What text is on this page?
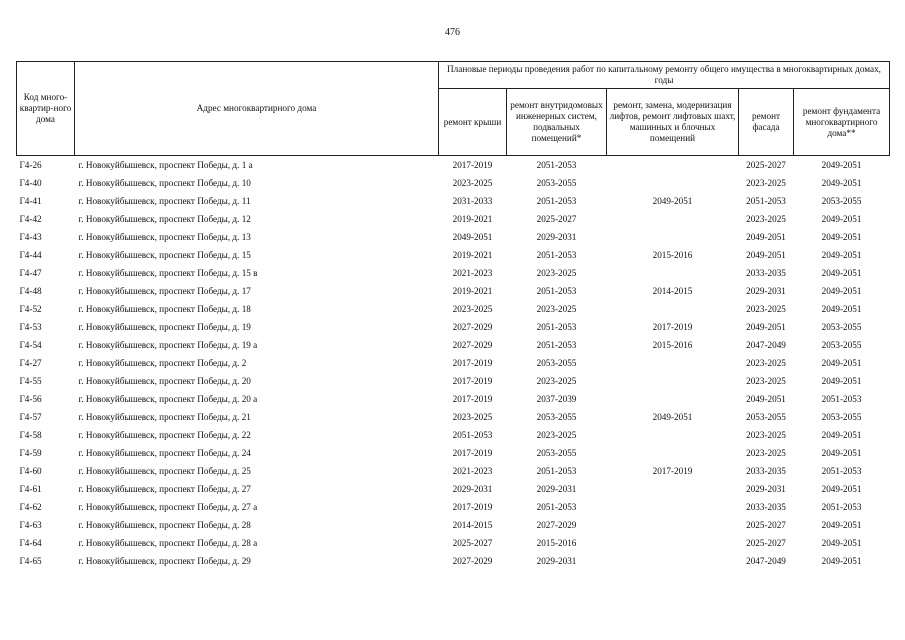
476
Код много-квартир-ного дома	Адрес многоквартирного дома	Плановые периоды проведения работ по капитальному ремонту общего имущества в многоквартирных домах, годы				
		ремонт крыши	ремонт внутридомовых инженерных систем, подвальных помещений*	ремонт, замена, модернизация лифтов, ремонт лифтовых шахт, машинных и блочных помещений	ремонт фасада	ремонт фундамента многоквартирного дома**
Г4-26	г. Новокуйбышевск, проспект Победы, д. 1 а	2017-2019	2051-2053		2025-2027	2049-2051
Г4-40	г. Новокуйбышевск, проспект Победы, д. 10	2023-2025	2053-2055		2023-2025	2049-2051
Г4-41	г. Новокуйбышевск, проспект Победы, д. 11	2031-2033	2051-2053	2049-2051	2051-2053	2053-2055
Г4-42	г. Новокуйбышевск, проспект Победы, д. 12	2019-2021	2025-2027		2023-2025	2049-2051
Г4-43	г. Новокуйбышевск, проспект Победы, д. 13	2049-2051	2029-2031		2049-2051	2049-2051
Г4-44	г. Новокуйбышевск, проспект Победы, д. 15	2019-2021	2051-2053	2015-2016	2049-2051	2049-2051
Г4-47	г. Новокуйбышевск, проспект Победы, д. 15 в	2021-2023	2023-2025		2033-2035	2049-2051
Г4-48	г. Новокуйбышевск, проспект Победы, д. 17	2019-2021	2051-2053	2014-2015	2029-2031	2049-2051
Г4-52	г. Новокуйбышевск, проспект Победы, д. 18	2023-2025	2023-2025		2023-2025	2049-2051
Г4-53	г. Новокуйбышевск, проспект Победы, д. 19	2027-2029	2051-2053	2017-2019	2049-2051	2053-2055
Г4-54	г. Новокуйбышевск, проспект Победы, д. 19 а	2027-2029	2051-2053	2015-2016	2047-2049	2053-2055
Г4-27	г. Новокуйбышевск, проспект Победы, д. 2	2017-2019	2053-2055		2023-2025	2049-2051
Г4-55	г. Новокуйбышевск, проспект Победы, д. 20	2017-2019	2023-2025		2023-2025	2049-2051
Г4-56	г. Новокуйбышевск, проспект Победы, д. 20 а	2017-2019	2037-2039		2049-2051	2051-2053
Г4-57	г. Новокуйбышевск, проспект Победы, д. 21	2023-2025	2053-2055	2049-2051	2053-2055	2053-2055
Г4-58	г. Новокуйбышевск, проспект Победы, д. 22	2051-2053	2023-2025		2023-2025	2049-2051
Г4-59	г. Новокуйбышевск, проспект Победы, д. 24	2017-2019	2053-2055		2023-2025	2049-2051
Г4-60	г. Новокуйбышевск, проспект Победы, д. 25	2021-2023	2051-2053	2017-2019	2033-2035	2051-2053
Г4-61	г. Новокуйбышевск, проспект Победы, д. 27	2029-2031	2029-2031		2029-2031	2049-2051
Г4-62	г. Новокуйбышевск, проспект Победы, д. 27 а	2017-2019	2051-2053		2033-2035	2051-2053
Г4-63	г. Новокуйбышевск, проспект Победы, д. 28	2014-2015	2027-2029		2025-2027	2049-2051
Г4-64	г. Новокуйбышевск, проспект Победы, д. 28 а	2025-2027	2015-2016		2025-2027	2049-2051
Г4-65	г. Новокуйбышевск, проспект Победы, д. 29	2027-2029	2029-2031		2047-2049	2049-2051
